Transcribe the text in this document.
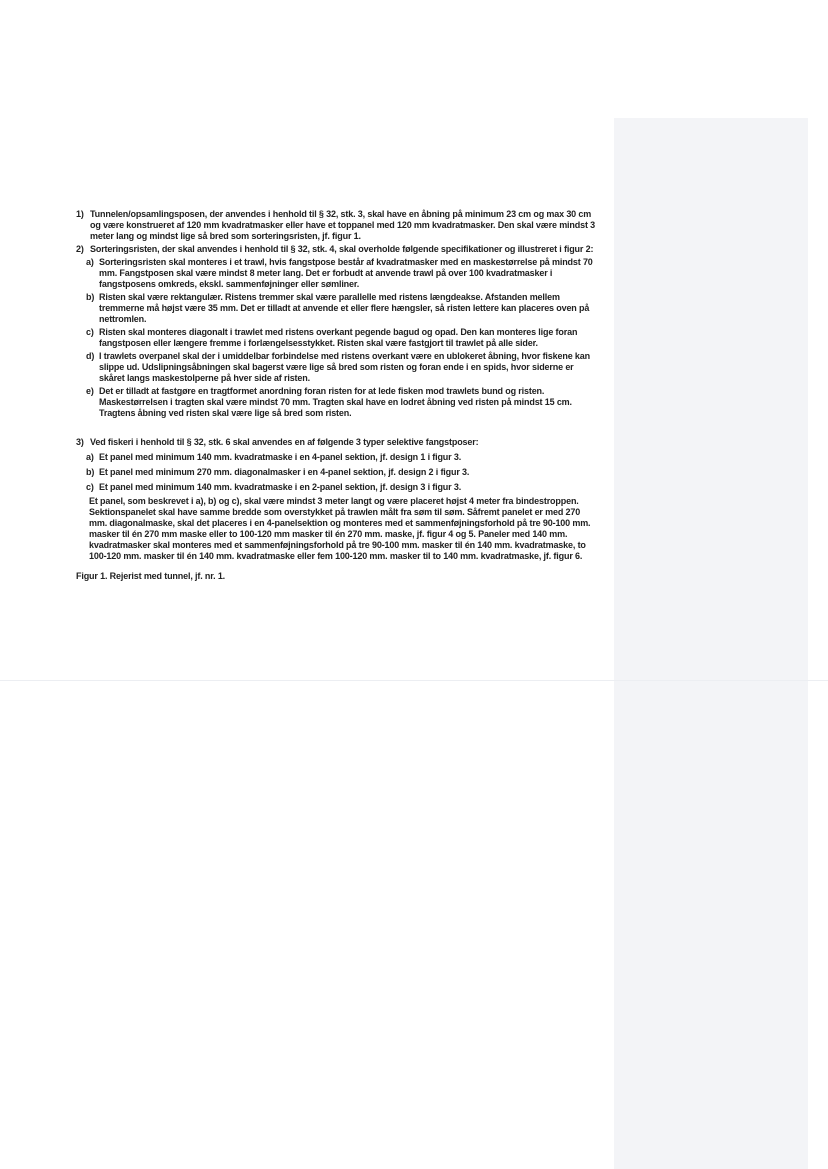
1) Tunnelen/opsamlingsposen, der anvendes i henhold til § 32, stk. 3, skal have en åbning på minimum 23 cm og max 30 cm og være konstrueret af 120 mm kvadratmasker eller have et toppanel med 120 mm kvadratmasker. Den skal være mindst 3 meter lang og mindst lige så bred som sorteringsristen, jf. figur 1.
2) Sorteringsristen, der skal anvendes i henhold til § 32, stk. 4, skal overholde følgende specifikationer og illustreret i figur 2:
a) Sorteringsristen skal monteres i et trawl, hvis fangstpose består af kvadratmasker med en maskestørrelse på mindst 70 mm. Fangstposen skal være mindst 8 meter lang. Det er forbudt at anvende trawl på over 100 kvadratmasker i fangstposens omkreds, ekskl. sammenføjninger eller sømliner.
b) Risten skal være rektangulær. Ristens tremmer skal være parallelle med ristens længdeakse. Afstanden mellem tremmerne må højst være 35 mm. Det er tilladt at anvende et eller flere hængsler, så risten lettere kan placeres oven på nettromlen.
c) Risten skal monteres diagonalt i trawlet med ristens overkant pegende bagud og opad. Den kan monteres lige foran fangstposen eller længere fremme i forlængelsesstykket. Risten skal være fastgjort til trawlet på alle sider.
d) I trawlets overpanel skal der i umiddelbar forbindelse med ristens overkant være en ublokeret åbning, hvor fiskene kan slippe ud. Udslipningsåbningen skal bagerst være lige så bred som risten og foran ende i en spids, hvor siderne er skåret langs maskestolperne på hver side af risten.
e) Det er tilladt at fastgøre en tragtformet anordning foran risten for at lede fisken mod trawlets bund og risten. Maskestørrelsen i tragten skal være mindst 70 mm. Tragten skal have en lodret åbning ved risten på mindst 15 cm. Tragtens åbning ved risten skal være lige så bred som risten.
3) Ved fiskeri i henhold til § 32, stk. 6 skal anvendes en af følgende 3 typer selektive fangstposer:
a) Et panel med minimum 140 mm. kvadratmaske i en 4-panel sektion, jf. design 1 i figur 3.
b) Et panel med minimum 270 mm. diagonalmasker i en 4-panel sektion, jf. design 2 i figur 3.
c) Et panel med minimum 140 mm. kvadratmaske i en 2-panel sektion, jf. design 3 i figur 3.
Et panel, som beskrevet i a), b) og c), skal være mindst 3 meter langt og være placeret højst 4 meter fra bindestroppen. Sektionspanelet skal have samme bredde som overstykket på trawlen målt fra søm til søm. Såfremt panelet er med 270 mm. diagonalmaske, skal det placeres i en 4-panelsektion og monteres med et sammenføjningsforhold på tre 90-100 mm. masker til én 270 mm maske eller to 100-120 mm masker til én 270 mm. maske, jf. figur 4 og 5. Paneler med 140 mm. kvadratmasker skal monteres med et sammenføjningsforhold på tre 90-100 mm. masker til én 140 mm. kvadratmaske, to 100-120 mm. masker til én 140 mm. kvadratmaske eller fem 100-120 mm. masker til to 140 mm. kvadratmaske, jf. figur 6.
Figur 1. Rejerist med tunnel, jf. nr. 1.
